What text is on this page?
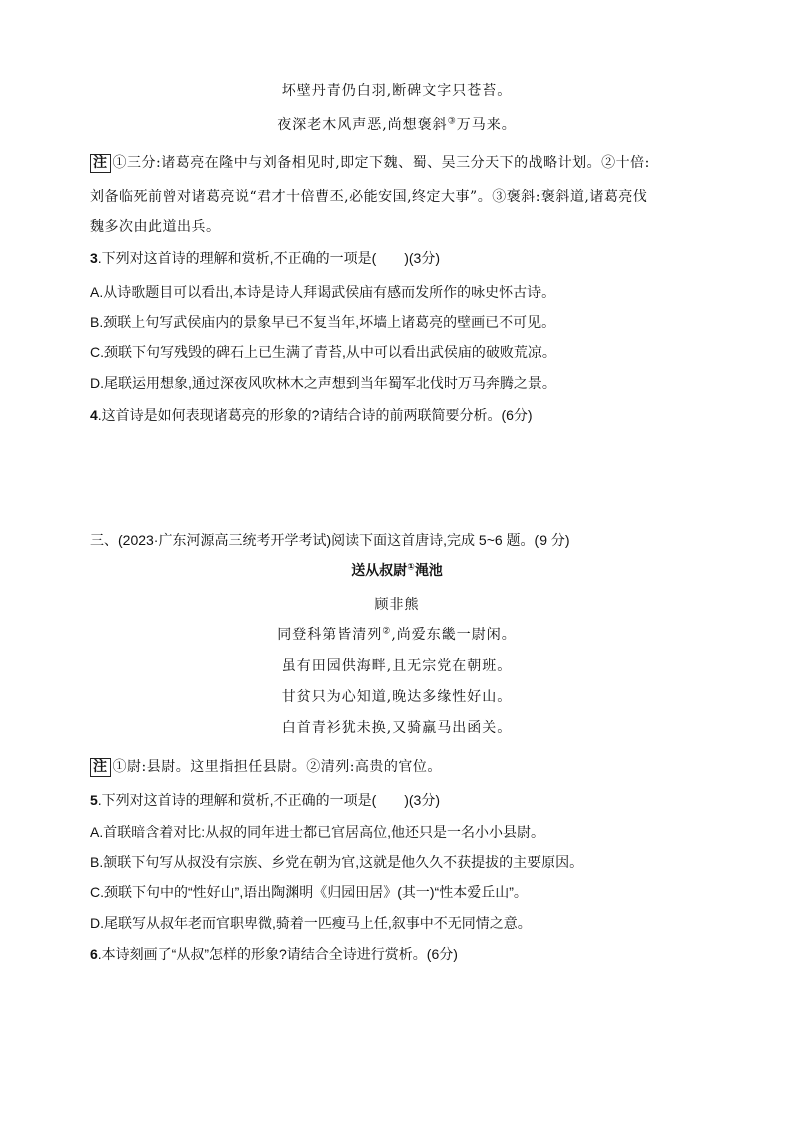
坏壁丹青仍白羽,断碑文字只苍苔。
夜深老木风声恶,尚想褒斜③万马来。
注 ①三分:诸葛亮在隆中与刘备相见时,即定下魏、蜀、吴三分天下的战略计划。②十倍:
刘备临死前曾对诸葛亮说“君才十倍曹丕,必能安国,终定大事”。③褒斜:褒斜道,诸葛亮伐
魏多次由此道出兵。
3.下列对这首诗的理解和赏析,不正确的一项是(　　)(3分)
A.从诗歌题目可以看出,本诗是诗人拜谒武侯庙有感而发所作的咏史怀古诗。
B.颈联上句写武侯庙内的景象早已不复当年,坏墙上诸葛亮的壁画已不可见。
C.颈联下句写残毁的碑石上已生满了青苔,从中可以看出武侯庙的破败荒凉。
D.尾联运用想象,通过深夜风吹林木之声想到当年蜀军北伐时万马奔腾之景。
4.这首诗是如何表现诸葛亮的形象的?请结合诗的前两联简要分析。(6分)
三、(2023·广东河源高三统考开学考试)阅读下面这首唐诗,完成 5~6 题。(9 分)
送从叔尉①渑池
顾非熊
同登科第皆清列②,尚爱东畿一尉闲。
虽有田园供海畔,且无宗党在朝班。
甘贫只为心知道,晚达多缘性好山。
白首青衫犹未换,又骑羸马出函关。
注 ①尉:县尉。这里指担任县尉。②清列:高贵的官位。
5.下列对这首诗的理解和赏析,不正确的一项是(　　)(3分)
A.首联暗含着对比:从叔的同年进士都已官居高位,他还只是一名小小县尉。
B.颔联下句写从叔没有宗族、乡党在朝为官,这就是他久久不获提拔的主要原因。
C.颈联下句中的“性好山”,语出陶渊明《归园田居》(其一)“性本爱丘山”。
D.尾联写从叔年老而官职卑微,骑着一匹瘦马上任,叙事中不无同情之意。
6.本诗刻画了“从叔”怎样的形象?请结合全诗进行赏析。(6分)
